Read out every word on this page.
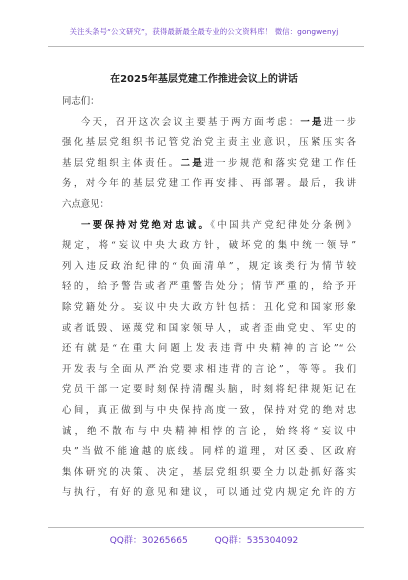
关注头条号“公文研究”，获得最新最全最专业的公文资料库！ 微信：gongwenyj
在2025年基层党建工作推进会议上的讲话
同志们：
今天，召开这次会议主要基于两方面考虑：一是进一步
强化基层党组织书记管党治党主责主业意识，压紧压实各
基层党组织主体责任。二是进一步规范和落实党建工作任
务，对今年的基层党建工作再安排、再部署。最后，我讲
六点意见：
一要保持对党绝对忠诚。《中国共产党纪律处分条例》
规定，将“妄议中央大政方针，破坏党的集中统一领导”
列入违反政治纪律的“负面清单”，规定该类行为情节较
轻的，给予警告或者严重警告处分；情节严重的，给予开
除党籍处分。妄议中央大政方针包括：丑化党和国家形象
或者诋毁、诬蔑党和国家领导人，或者歪曲党史、军史的
还有就是“在重大问题上发表违背中央精神的言论”“公
开发表与全面从严治党要求相违背的言论”，等等。我们
党员干部一定要时刻保持清醒头脑，时刻将纪律规矩记在
心间，真正做到与中央保持高度一致，保持对党的绝对忠
诚，绝不散布与中央精神相悖的言论，始终将“妄议中
央”当做不能逾越的底线。同样的道理，对区委、区政府
集体研究的决策、决定，基层党组织要全力以赴抓好落实
与执行，有好的意见和建议，可以通过党内规定允许的方
QQ群：30265665	QQ群：535304092
